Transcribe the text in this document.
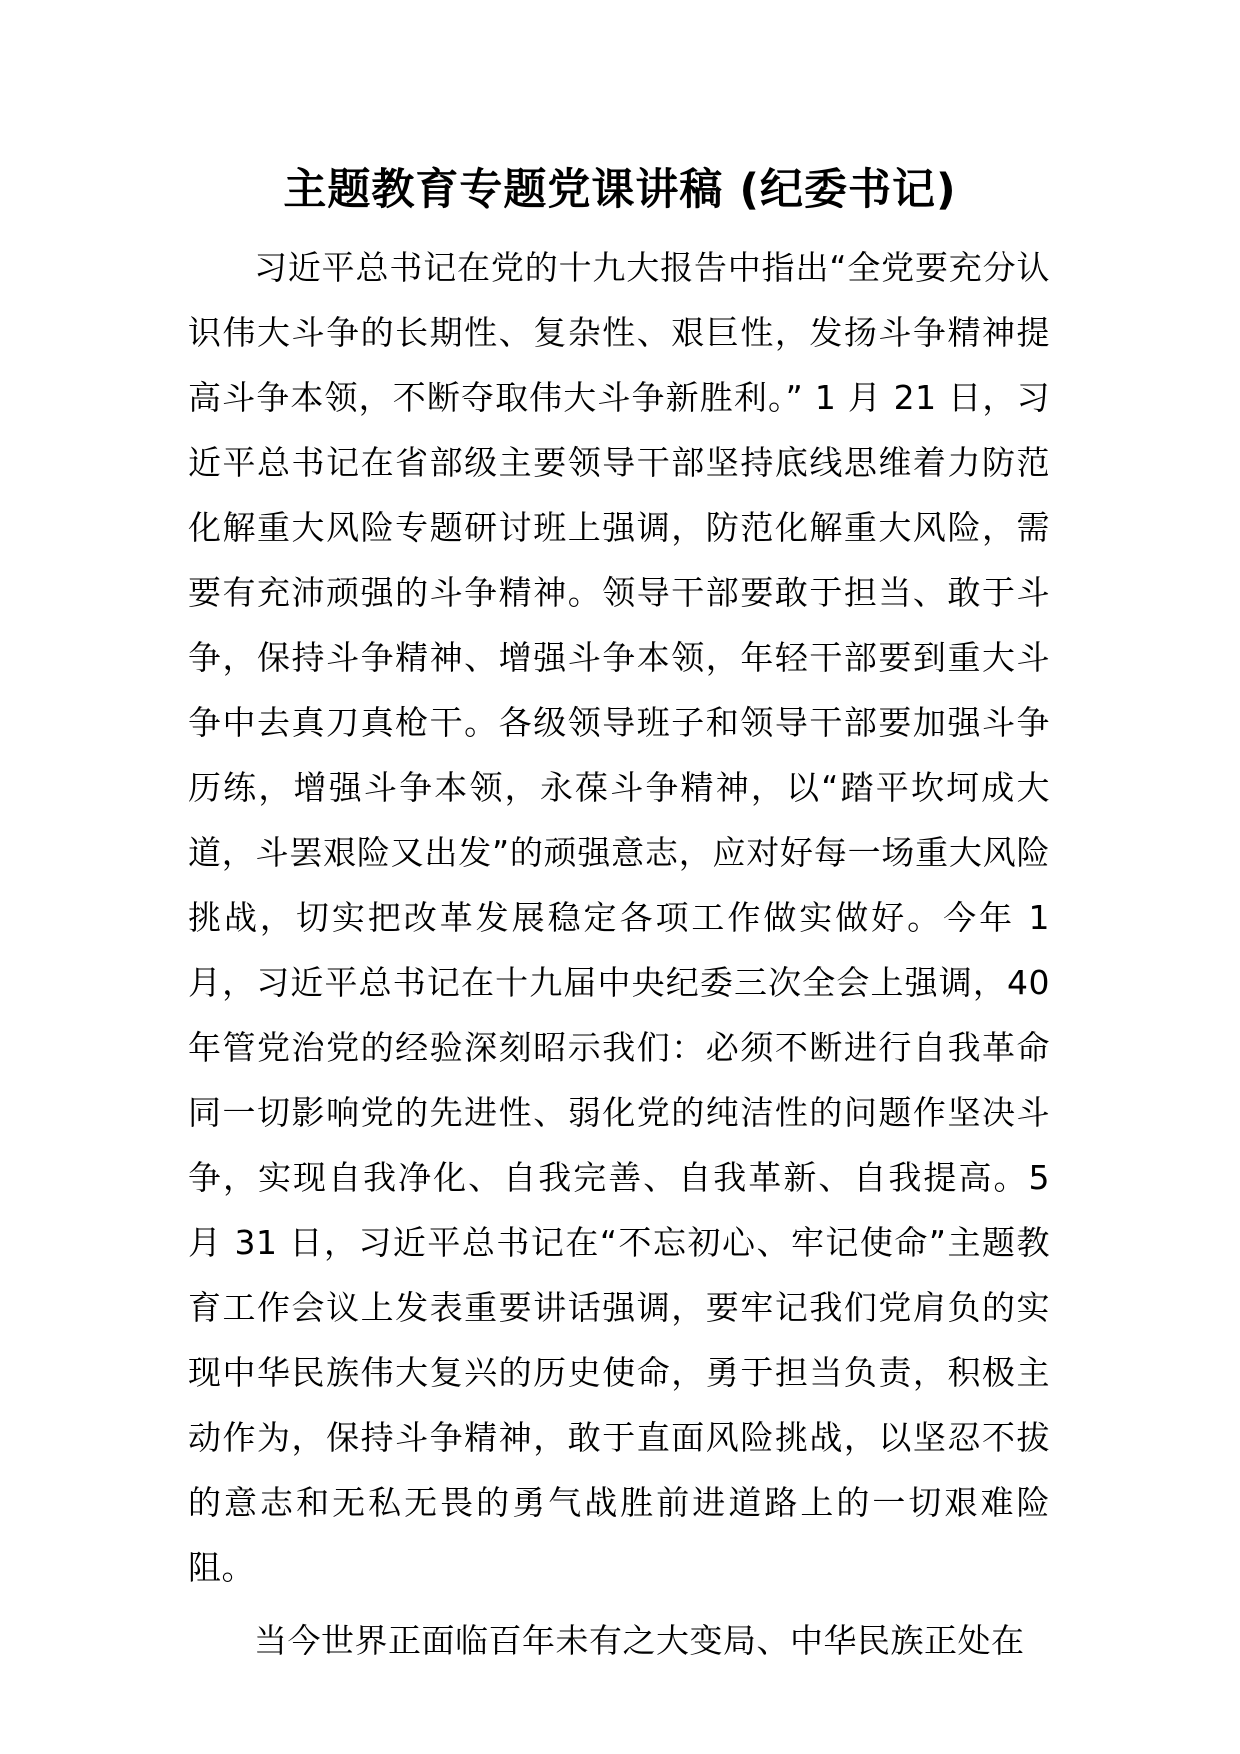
主题教育专题党课讲稿 (纪委书记)

习近平总书记在党的十九大报告中指出“全党要充分认识伟大斗争的长期性、复杂性、艰巨性，发扬斗争精神提高斗争本领，不断夺取伟大斗争新胜利。” 1 月 21 日，习近平总书记在省部级主要领导干部坚持底线思维着力防范化解重大风险专题研讨班上强调，防范化解重大风险，需要有充沛顽强的斗争精神。领导干部要敢于担当、敢于斗争，保持斗争精神、增强斗争本领，年轻干部要到重大斗争中去真刀真枪干。各级领导班子和领导干部要加强斗争历练，增强斗争本领，永葆斗争精神，以“踏平坎坷成大道，斗罢艰险又出发”的顽强意志，应对好每一场重大风险挑战，切实把改革发展稳定各项工作做实做好。今年 1 月，习近平总书记在十九届中央纪委三次全会上强调，40 年管党治党的经验深刻昭示我们：必须不断进行自我革命同一切影响党的先进性、弱化党的纯洁性的问题作坚决斗争，实现自我净化、自我完善、自我革新、自我提高。5 月 31 日，习近平总书记在“不忘初心、牢记使命”主题教育工作会议上发表重要讲话强调，要牢记我们党肩负的实现中华民族伟大复兴的历史使命，勇于担当负责，积极主动作为，保持斗争精神，敢于直面风险挑战，以坚忍不拔的意志和无私无畏的勇气战胜前进道路上的一切艰难险阻。

当今世界正面临百年未有之大变局、中华民族正处在
